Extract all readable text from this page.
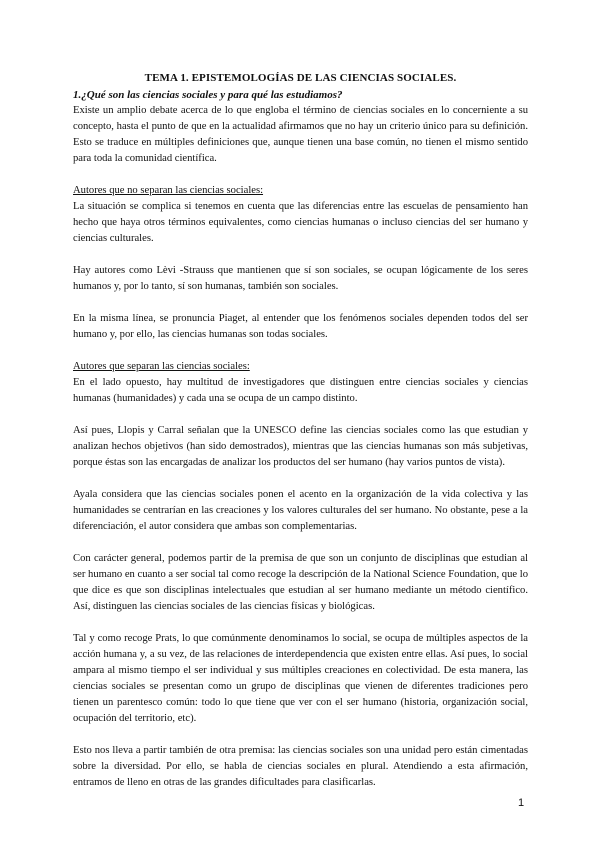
TEMA 1. EPISTEMOLOGÍAS DE LAS CIENCIAS SOCIALES.
1.¿Qué son las ciencias sociales y para qué las estudiamos?

Existe un amplio debate acerca de lo que engloba el término de ciencias sociales en lo concerniente a su concepto, hasta el punto de que en la actualidad afirmamos que no hay un criterio único para su definición. Esto se traduce en múltiples definiciones que, aunque tienen una base común, no tienen el mismo sentido para toda la comunidad científica.

Autores que no separan las ciencias sociales:

La situación se complica si tenemos en cuenta que las diferencias entre las escuelas de pensamiento han hecho que haya otros términos equivalentes, como ciencias humanas o incluso ciencias del ser humano y ciencias culturales.

Hay autores como Lèvi -Strauss que mantienen que sí son sociales, se ocupan lógicamente de los seres humanos y, por lo tanto, sí son humanas, también son sociales.

En la misma línea, se pronuncia Piaget, al entender que los fenómenos sociales dependen todos del ser humano y, por ello, las ciencias humanas son todas sociales.

Autores que separan las ciencias sociales:

En el lado opuesto, hay multitud de investigadores que distinguen entre ciencias sociales y ciencias humanas (humanidades) y cada una se ocupa de un campo distinto.

Así pues, Llopis y Carral señalan que la UNESCO define las ciencias sociales como las que estudian y analizan hechos objetivos (han sido demostrados), mientras que las ciencias humanas son más subjetivas, porque éstas son las encargadas de analizar los productos del ser humano (hay varios puntos de vista).

Ayala considera que las ciencias sociales ponen el acento en la organización de la vida colectiva y las humanidades se centrarían en las creaciones y los valores culturales del ser humano. No obstante, pese a la diferenciación, el autor considera que ambas son complementarias.

Con carácter general, podemos partir de la premisa de que son un conjunto de disciplinas que estudian al ser humano en cuanto a ser social tal como recoge la descripción de la National Science Foundation, que lo que dice es que son disciplinas intelectuales que estudian al ser humano mediante un método científico. Así, distinguen las ciencias sociales de las ciencias físicas y biológicas.

Tal y como recoge Prats, lo que comúnmente denominamos lo social, se ocupa de múltiples aspectos de la acción humana y, a su vez, de las relaciones de interdependencia que existen entre ellas. Así pues, lo social ampara al mismo tiempo el ser individual y sus múltiples creaciones en colectividad. De esta manera, las ciencias sociales se presentan como un grupo de disciplinas que vienen de diferentes tradiciones pero tienen un parentesco común: todo lo que tiene que ver con el ser humano (historia, organización social, ocupación del territorio, etc).

Esto nos lleva a partir también de otra premisa: las ciencias sociales son una unidad pero están cimentadas sobre la diversidad. Por ello, se habla de ciencias sociales en plural. Atendiendo a esta afirmación, entramos de lleno en otras de las grandes dificultades para clasificarlas.

1
